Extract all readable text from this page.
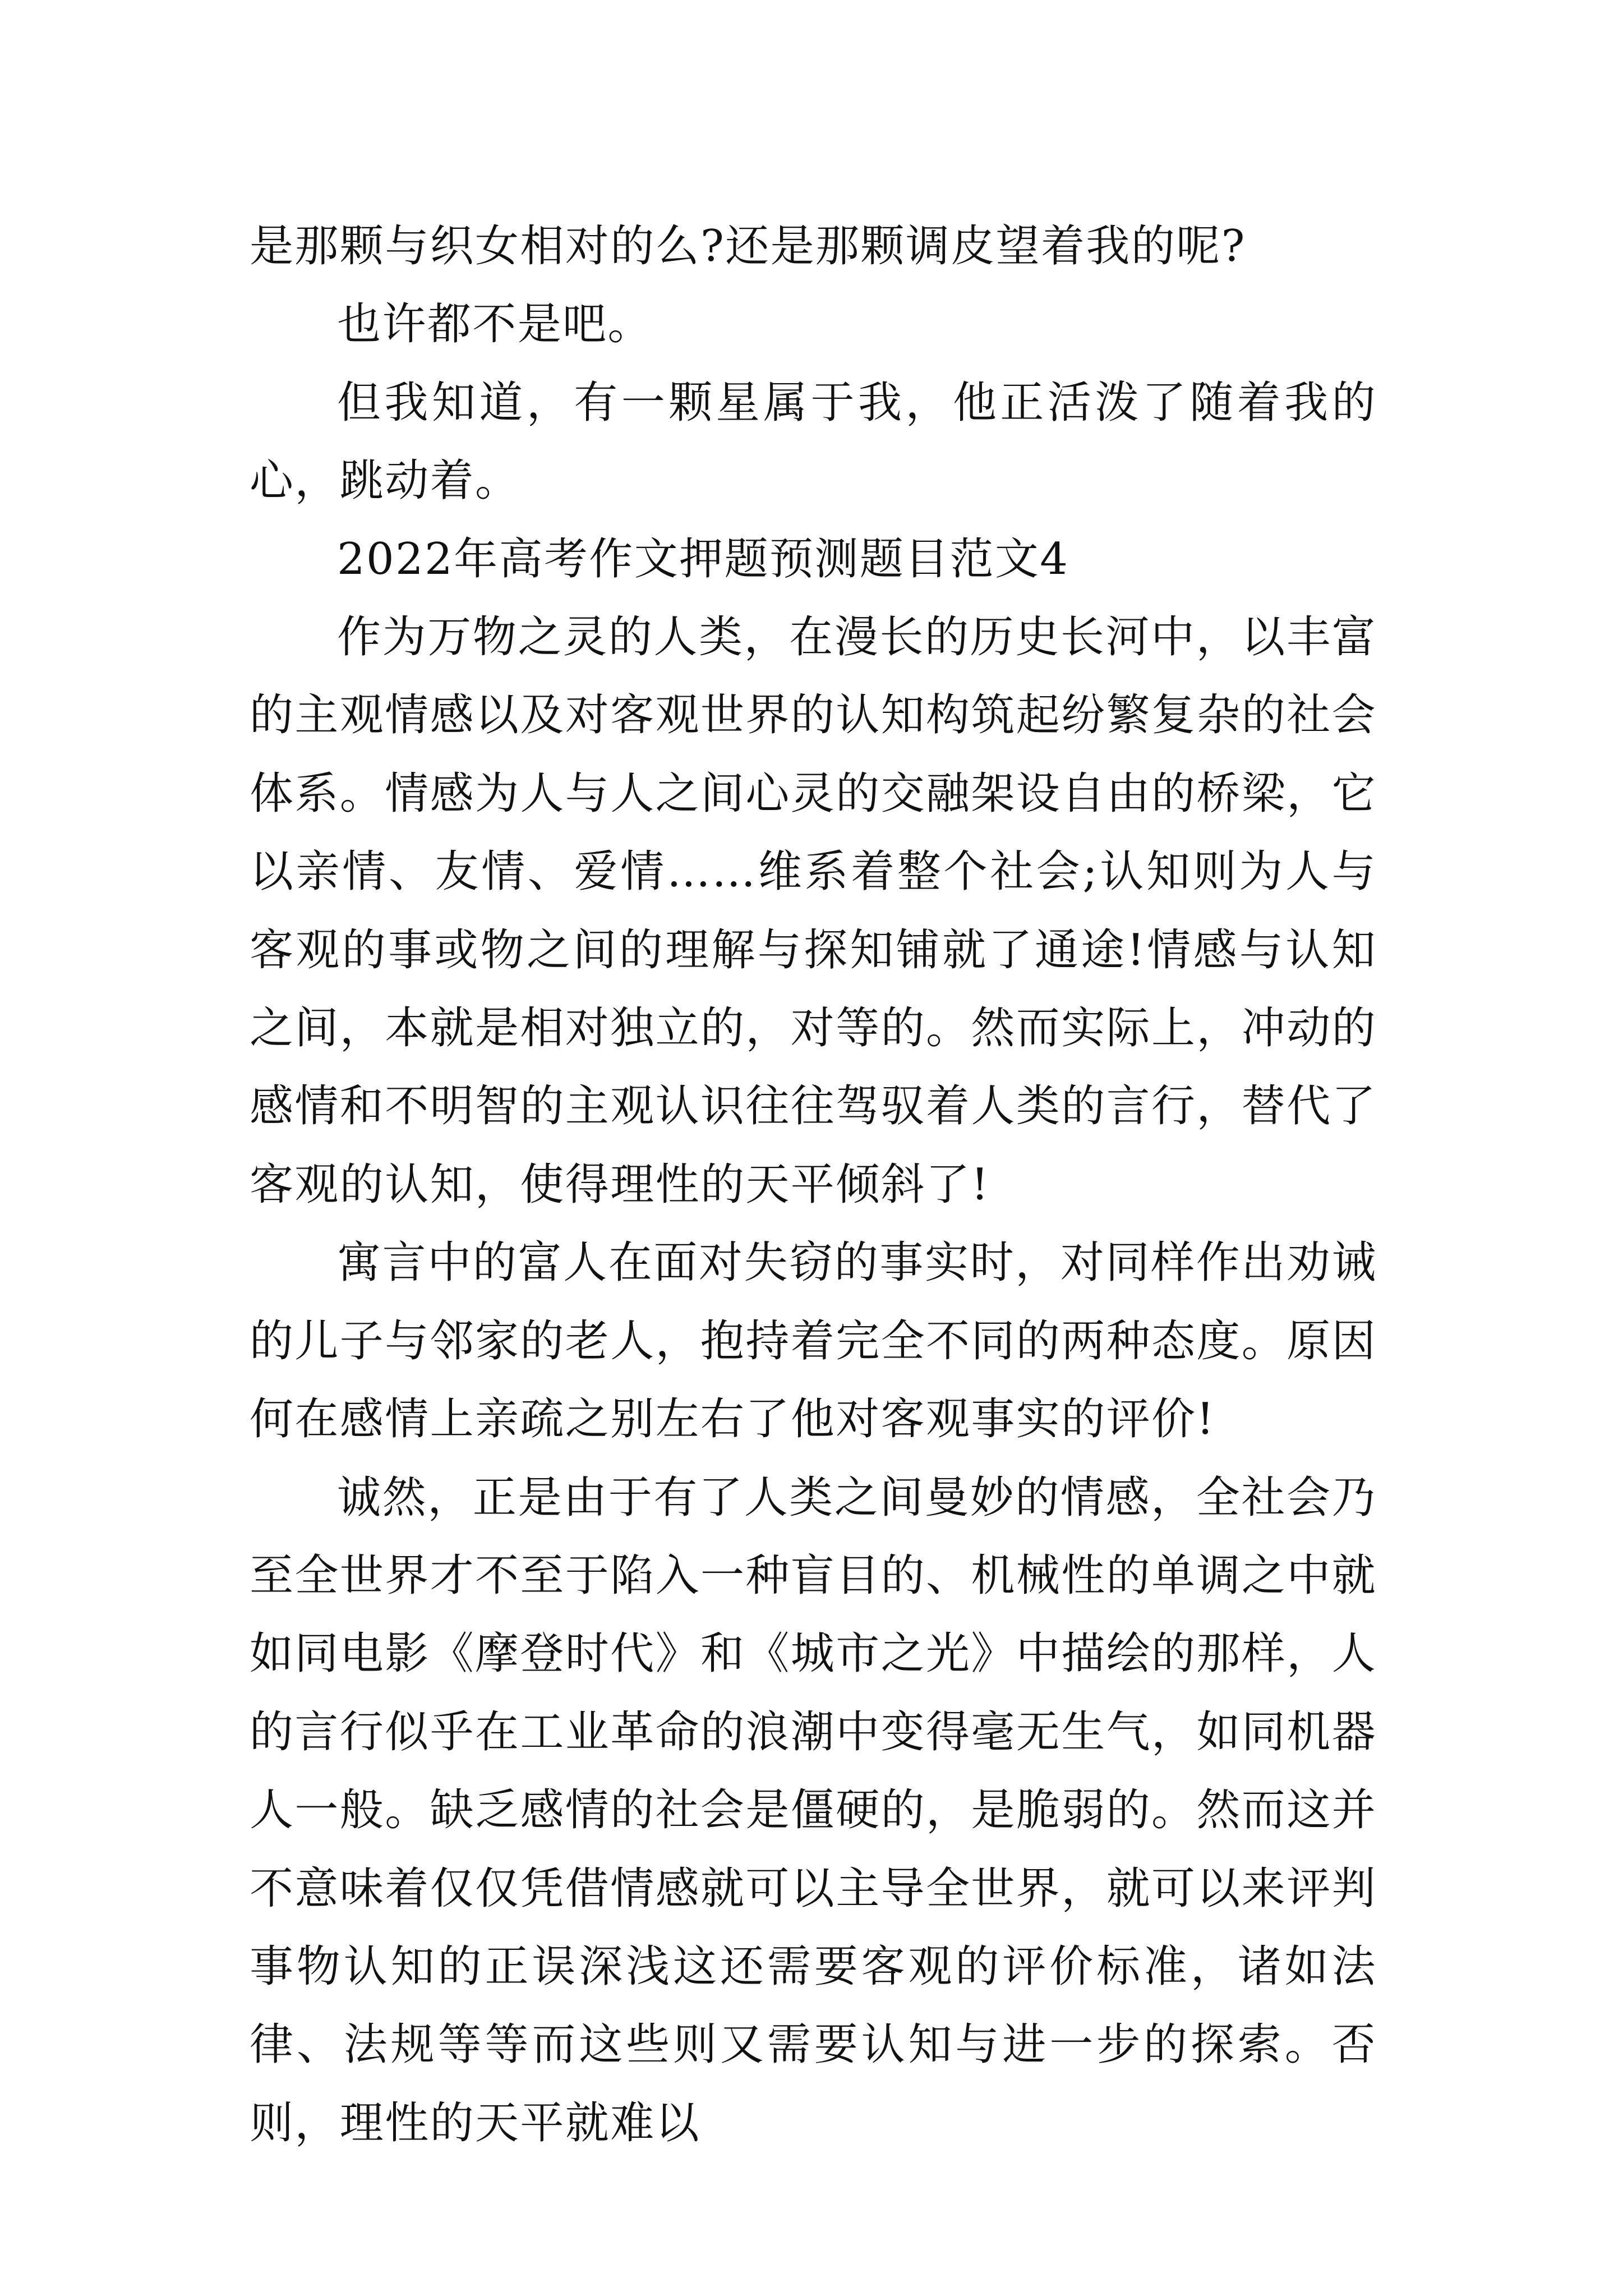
是那颗与织女相对的么?还是那颗调皮望着我的呢?

也许都不是吧。

但我知道，有一颗星属于我，他正活泼了随着我的心，跳动着。

2022年高考作文押题预测题目范文4

作为万物之灵的人类，在漫长的历史长河中，以丰富的主观情感以及对客观世界的认知构筑起纷繁复杂的社会体系。情感为人与人之间心灵的交融架设自由的桥梁，它以亲情、友情、爱情……维系着整个社会;认知则为人与客观的事或物之间的理解与探知铺就了通途!情感与认知之间，本就是相对独立的，对等的。然而实际上，冲动的感情和不明智的主观认识往往驾驭着人类的言行，替代了客观的认知，使得理性的天平倾斜了!

寓言中的富人在面对失窃的事实时，对同样作出劝诫的儿子与邻家的老人，抱持着完全不同的两种态度。原因何在感情上亲疏之别左右了他对客观事实的评价!

诚然，正是由于有了人类之间曼妙的情感，全社会乃至全世界才不至于陷入一种盲目的、机械性的单调之中就如同电影《摩登时代》和《城市之光》中描绘的那样，人的言行似乎在工业革命的浪潮中变得毫无生气，如同机器人一般。缺乏感情的社会是僵硬的，是脆弱的。然而这并不意味着仅仅凭借情感就可以主导全世界，就可以来评判事物认知的正误深浅这还需要客观的评价标准，诸如法律、法规等等而这些则又需要认知与进一步的探索。否则，理性的天平就难以
